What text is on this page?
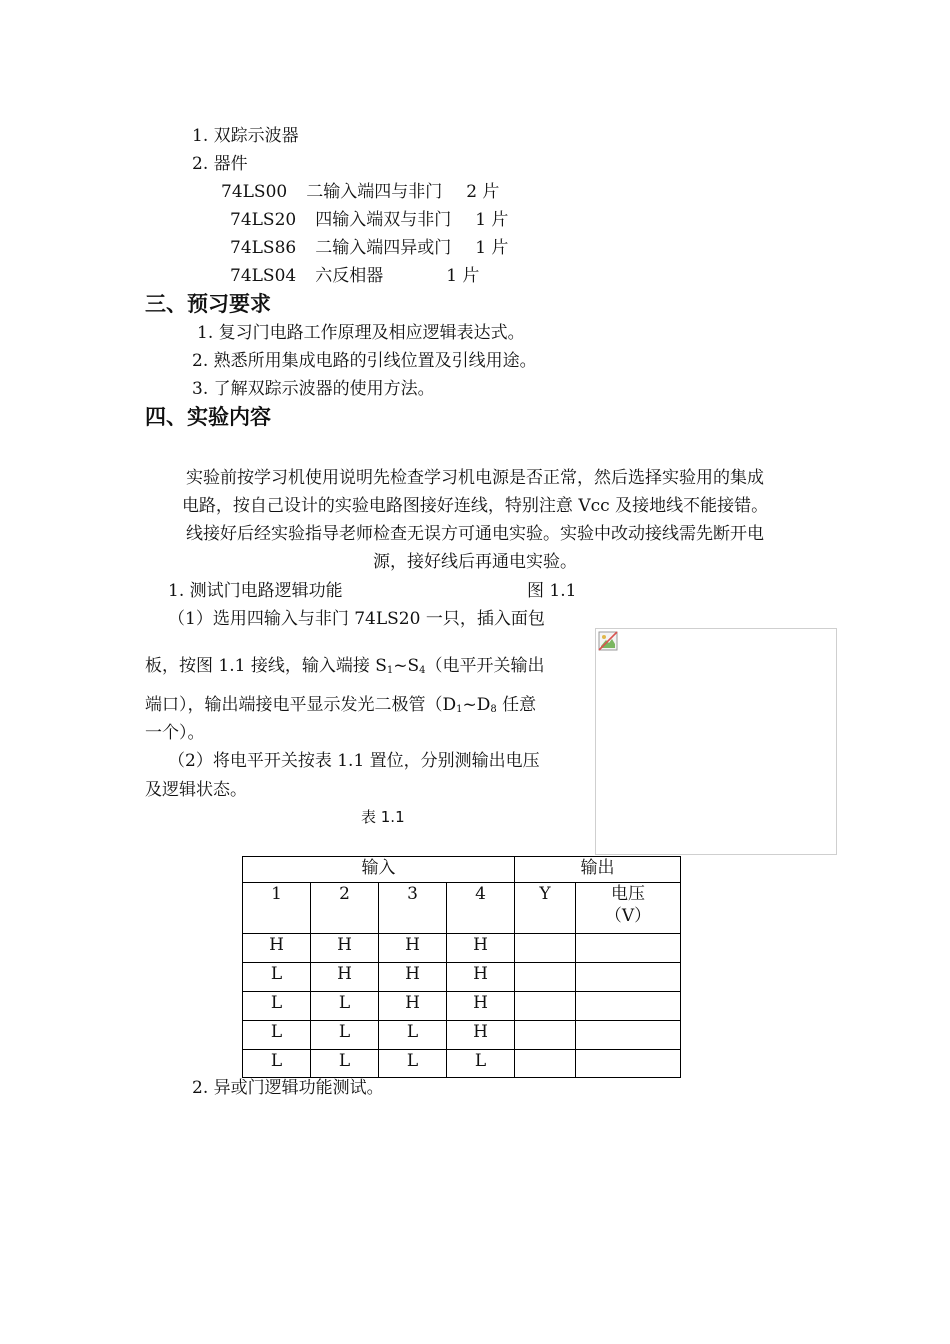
1. 双踪示波器
2. 器件
74LS00 二输入端四与非门 2 片
74LS20 四输入端双与非门 1 片
74LS86 二输入端四异或门 1 片
74LS04 六反相器	1 片
三、预习要求
1. 复习门电路工作原理及相应逻辑表达式。
2. 熟悉所用集成电路的引线位置及引线用途。
3. 了解双踪示波器的使用方法。
四、实验内容
实验前按学习机使用说明先检查学习机电源是否正常，然后选择实验用的集成
电路，按自己设计的实验电路图接好连线，特别注意 Vcc 及接地线不能接错。
线接好后经实验指导老师检查无误方可通电实验。实验中改动接线需先断开电
源，接好线后再通电实验。
1. 测试门电路逻辑功能	图 1.1
（1）选用四输入与非门 74LS20 一只，插入面包
板，按图 1.1 接线，输入端接 $S_1\sim S_4$（电平开关输出
端口），输出端接电平显示发光二极管（$D_1\sim D_8$ 任意
一个）。
（2）将电平开关按表 1.1 置位，分别测输出电压
及逻辑状态。
表 1.1
输入				输出	
1	2	3	4	Y	电压
（V）
H	H	H	H		
L	H	H	H		
L	L	H	H		
L	L	L	H		
L	L	L	L		
2. 异或门逻辑功能测试。
